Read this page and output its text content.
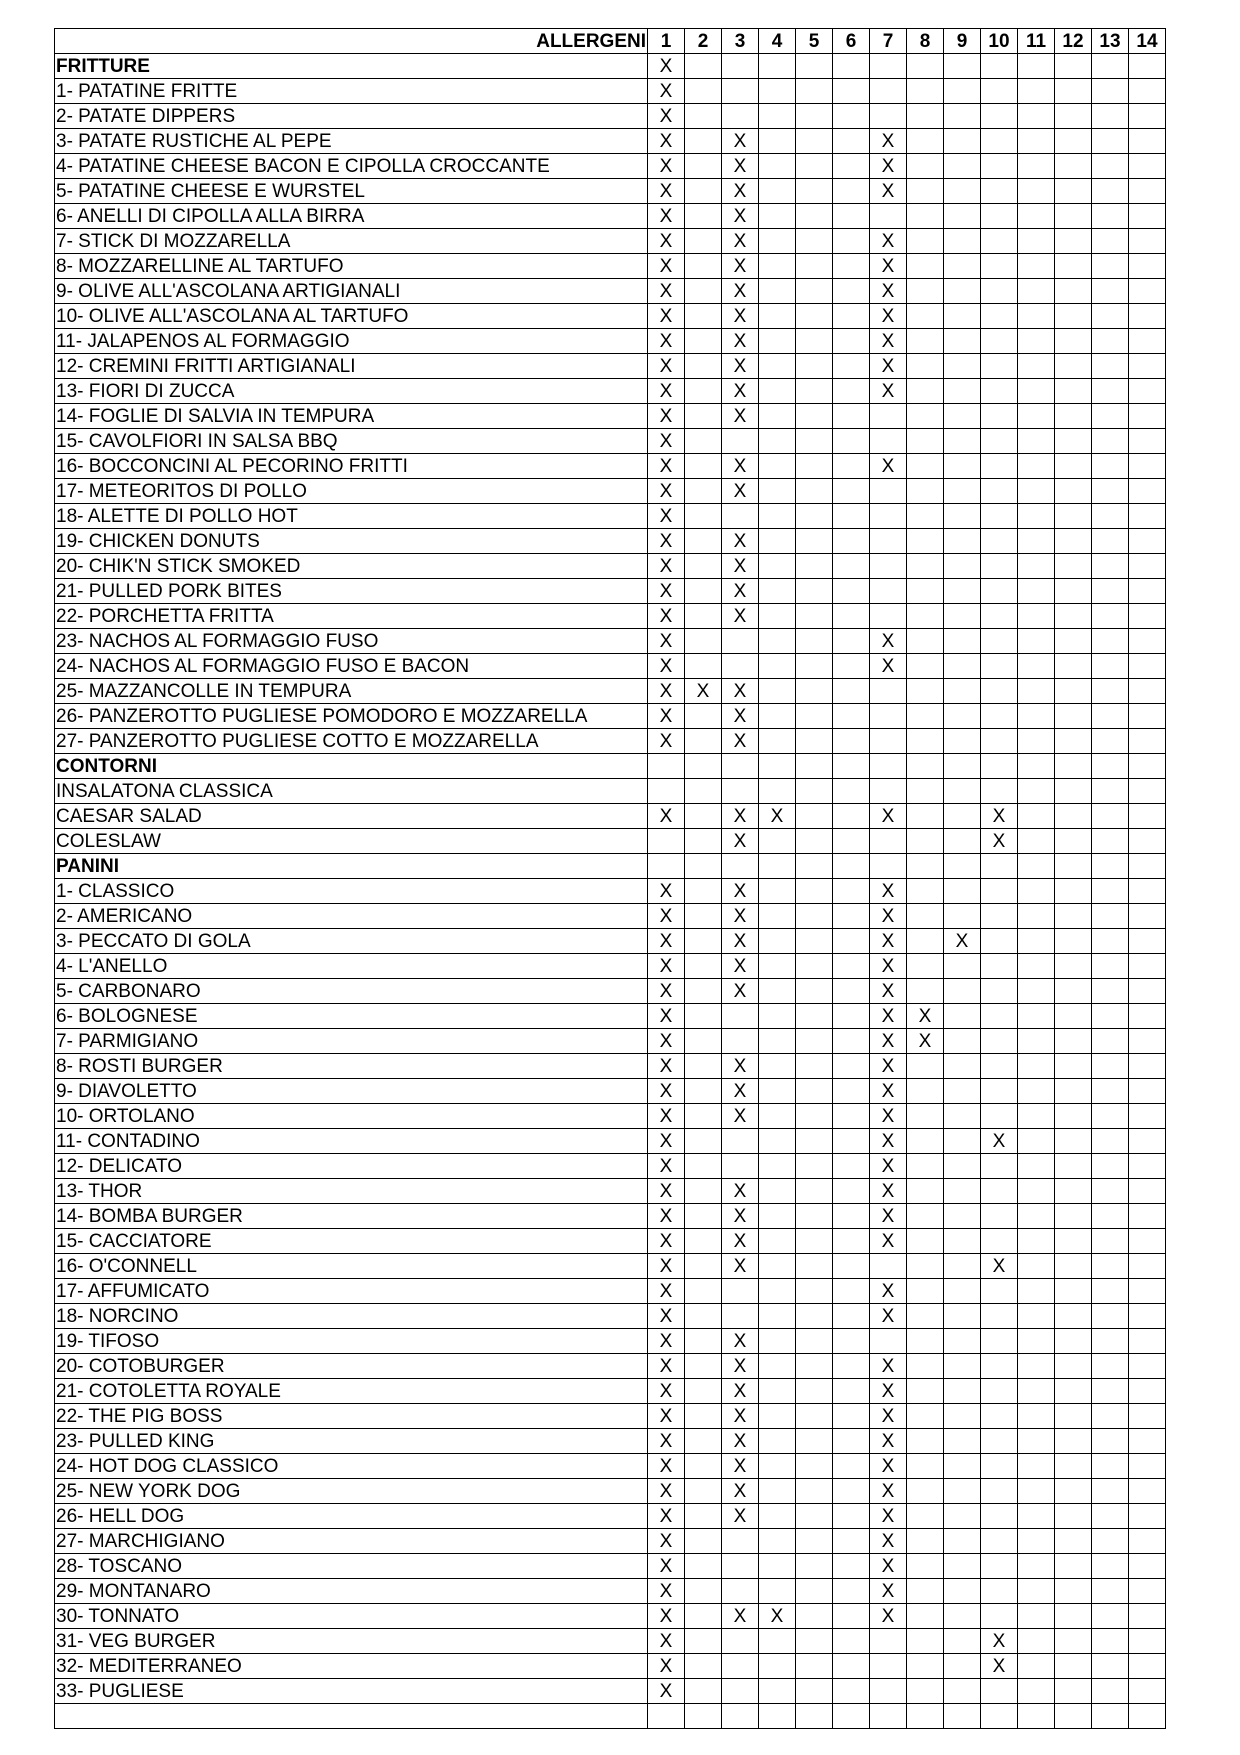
ALLERGENI	1	2	3	4	5	6	7	8	9	10	11	12	13	14
FRITTURE	X													
1- PATATINE FRITTE	X													
2- PATATE DIPPERS	X													
3- PATATE RUSTICHE AL PEPE	X		X				X							
4- PATATINE CHEESE BACON E CIPOLLA CROCCANTE	X		X				X							
5- PATATINE CHEESE E WURSTEL	X		X				X							
6- ANELLI DI CIPOLLA ALLA BIRRA	X		X											
7- STICK DI MOZZARELLA	X		X				X							
8- MOZZARELLINE AL TARTUFO	X		X				X							
9- OLIVE ALL'ASCOLANA ARTIGIANALI	X		X				X							
10- OLIVE ALL'ASCOLANA AL TARTUFO	X		X				X							
11- JALAPENOS AL FORMAGGIO	X		X				X							
12- CREMINI FRITTI ARTIGIANALI	X		X				X							
13- FIORI DI ZUCCA	X		X				X							
14- FOGLIE DI SALVIA IN TEMPURA	X		X											
15- CAVOLFIORI IN SALSA BBQ	X													
16- BOCCONCINI AL PECORINO FRITTI	X		X				X							
17- METEORITOS DI POLLO	X		X											
18- ALETTE DI POLLO HOT	X													
19- CHICKEN DONUTS	X		X											
20- CHIK'N STICK SMOKED	X		X											
21- PULLED PORK BITES	X		X											
22- PORCHETTA FRITTA	X		X											
23- NACHOS AL FORMAGGIO FUSO	X						X							
24- NACHOS AL FORMAGGIO FUSO E BACON	X						X							
25- MAZZANCOLLE IN TEMPURA	X	X	X											
26- PANZEROTTO PUGLIESE POMODORO E MOZZARELLA	X		X											
27- PANZEROTTO PUGLIESE COTTO E MOZZARELLA	X		X											
CONTORNI														
INSALATONA CLASSICA														
CAESAR SALAD	X		X	X			X			X				
COLESLAW			X							X				
PANINI														
1- CLASSICO	X		X				X							
2- AMERICANO	X		X				X							
3- PECCATO DI GOLA	X		X				X		X					
4- L'ANELLO	X		X				X							
5- CARBONARO	X		X				X							
6- BOLOGNESE	X						X	X						
7- PARMIGIANO	X						X	X						
8- ROSTI BURGER	X		X				X							
9- DIAVOLETTO	X		X				X							
10- ORTOLANO	X		X				X							
11- CONTADINO	X						X			X				
12- DELICATO	X						X							
13- THOR	X		X				X							
14- BOMBA BURGER	X		X				X							
15- CACCIATORE	X		X				X							
16- O'CONNELL	X		X							X				
17- AFFUMICATO	X						X							
18- NORCINO	X						X							
19- TIFOSO	X		X											
20- COTOBURGER	X		X				X							
21- COTOLETTA ROYALE	X		X				X							
22- THE PIG BOSS	X		X				X							
23- PULLED KING	X		X				X							
24- HOT DOG CLASSICO	X		X				X							
25- NEW YORK DOG	X		X				X							
26- HELL DOG	X		X				X							
27- MARCHIGIANO	X						X							
28- TOSCANO	X						X							
29- MONTANARO	X						X							
30- TONNATO	X		X	X			X							
31- VEG BURGER	X									X				
32- MEDITERRANEO	X									X				
33- PUGLIESE	X													
